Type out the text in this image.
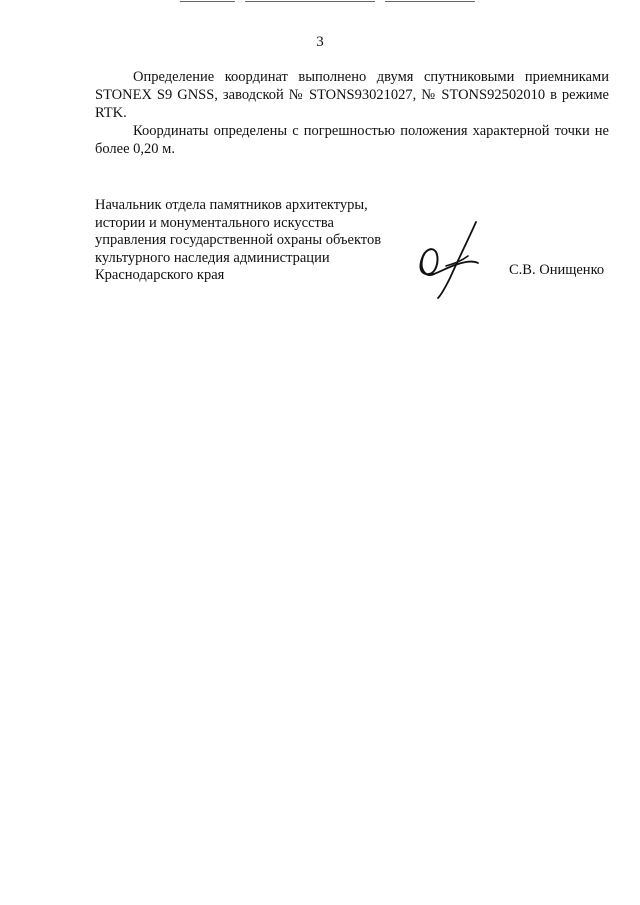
3

Определение координат выполнено двумя спутниковыми приемниками STONEX S9 GNSS, заводской № STONS93021027, № STONS92502010 в режиме RTK.

Координаты определены с погрешностью положения характерной точки не более 0,20 м.

Начальник отдела памятников архитектуры,
истории и монументального искусства
управления государственной охраны объектов
культурного наследия администрации
Краснодарского края	С.В. Онищенко
